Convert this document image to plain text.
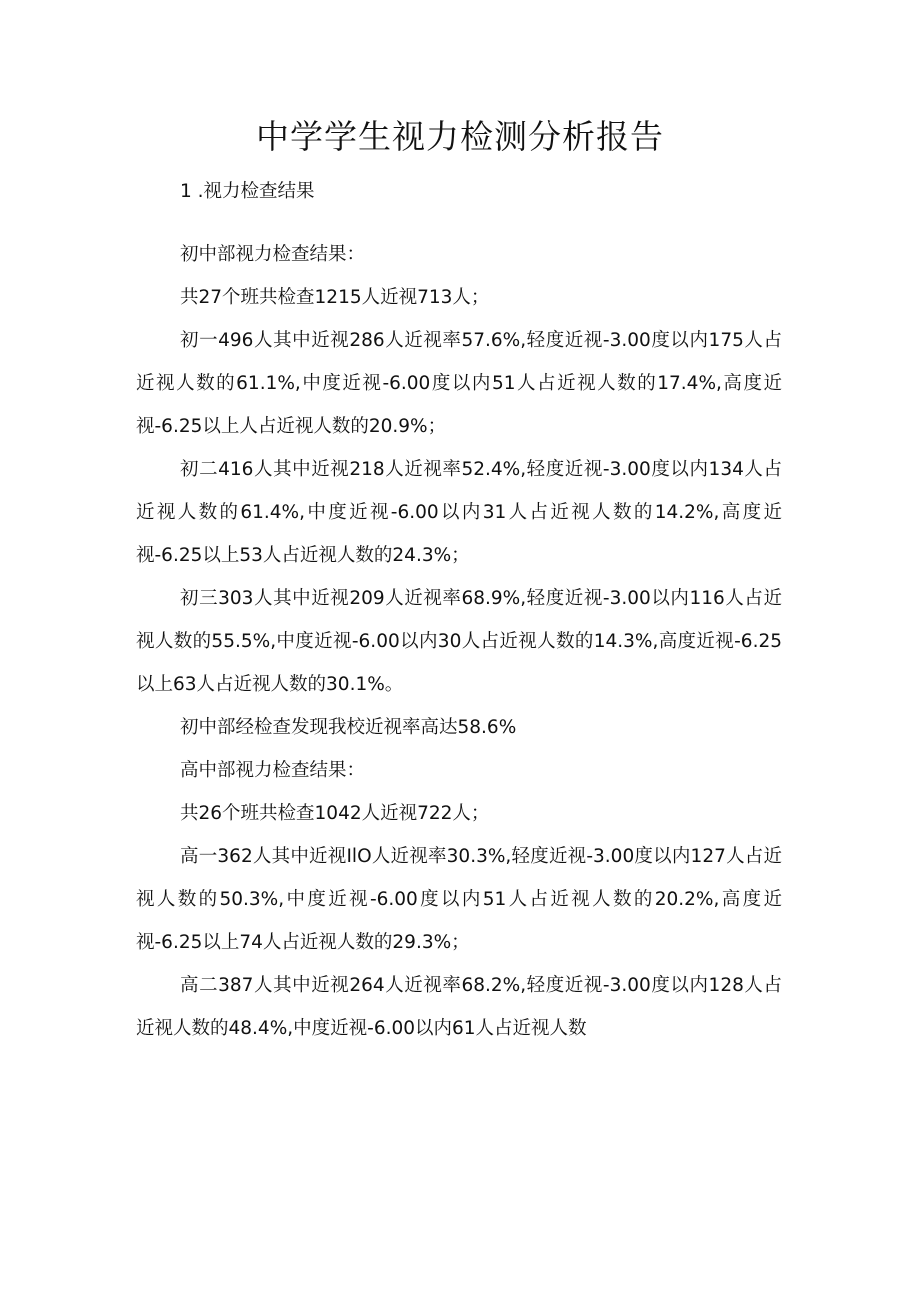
中学学生视力检测分析报告

1 .视力检查结果

初中部视力检查结果：

共27个班共检查1215人近视713人；

初一496人其中近视286人近视率57.6%,轻度近视-3.00度以内175人占近视人数的61.1%,中度近视-6.00度以内51人占近视人数的17.4%,高度近视-6.25以上人占近视人数的20.9%；

初二416人其中近视218人近视率52.4%,轻度近视-3.00度以内134人占近视人数的61.4%,中度近视-6.00以内31人占近视人数的14.2%,高度近视-6.25以上53人占近视人数的24.3%；

初三303人其中近视209人近视率68.9%,轻度近视-3.00以内116人占近视人数的55.5%,中度近视-6.00以内30人占近视人数的14.3%,高度近视-6.25以上63人占近视人数的30.1%。

初中部经检查发现我校近视率高达58.6%

高中部视力检查结果：

共26个班共检查1042人近视722人；

高一362人其中近视IlO人近视率30.3%,轻度近视-3.00度以内127人占近视人数的50.3%,中度近视-6.00度以内51人占近视人数的20.2%,高度近视-6.25以上74人占近视人数的29.3%；

高二387人其中近视264人近视率68.2%,轻度近视-3.00度以内128人占近视人数的48.4%,中度近视-6.00以内61人占近视人数
